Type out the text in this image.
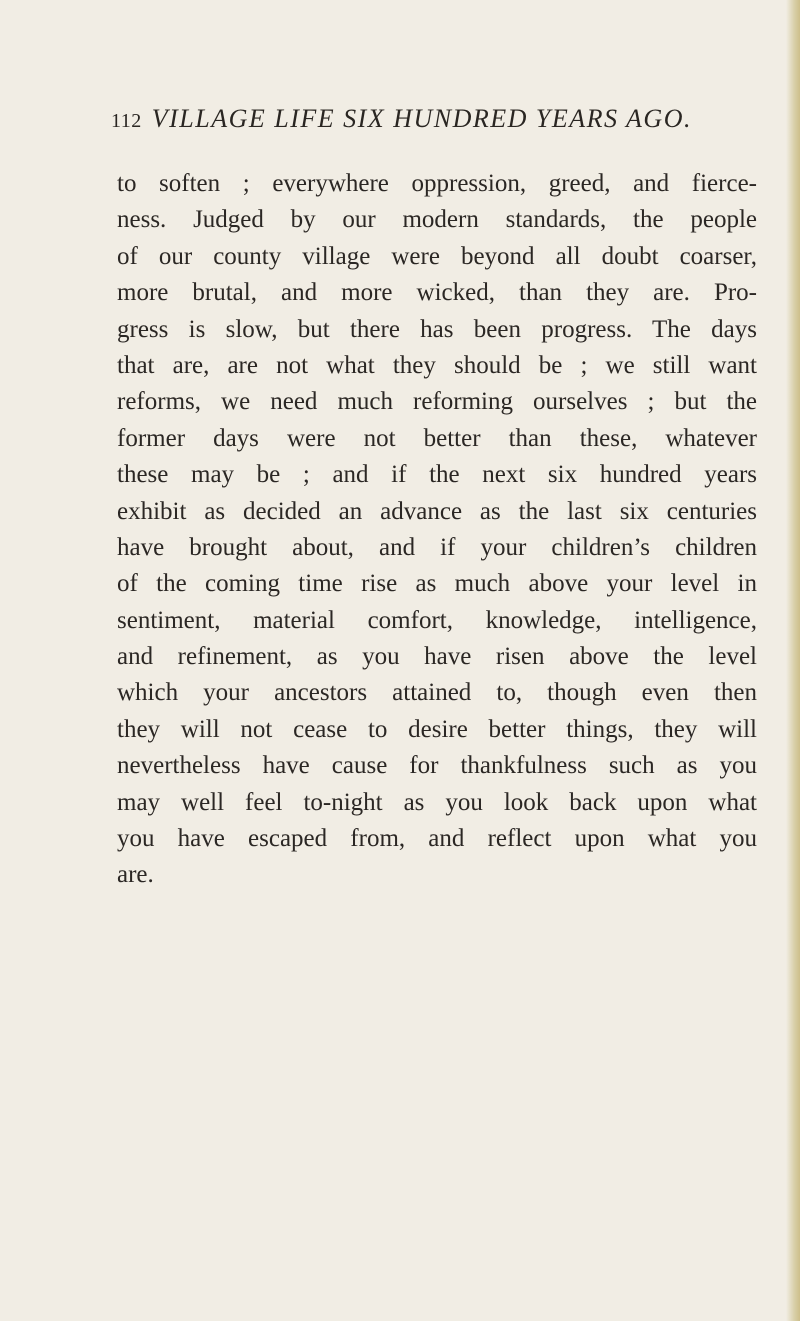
112 VILLAGE LIFE SIX HUNDRED YEARS AGO.
to soften ; everywhere oppression, greed, and fierce-
ness. Judged by our modern standards, the people
of our county village were beyond all doubt coarser,
more brutal, and more wicked, than they are. Pro-
gress is slow, but there has been progress. The days
that are, are not what they should be ; we still want
reforms, we need much reforming ourselves ; but the
former days were not better than these, whatever
these may be ; and if the next six hundred years
exhibit as decided an advance as the last six centuries
have brought about, and if your children’s children
of the coming time rise as much above your level in
sentiment, material comfort, knowledge, intelligence,
and refinement, as you have risen above the level
which your ancestors attained to, though even then
they will not cease to desire better things, they will
nevertheless have cause for thankfulness such as you
may well feel to-night as you look back upon what
you have escaped from, and reflect upon what you
are.
